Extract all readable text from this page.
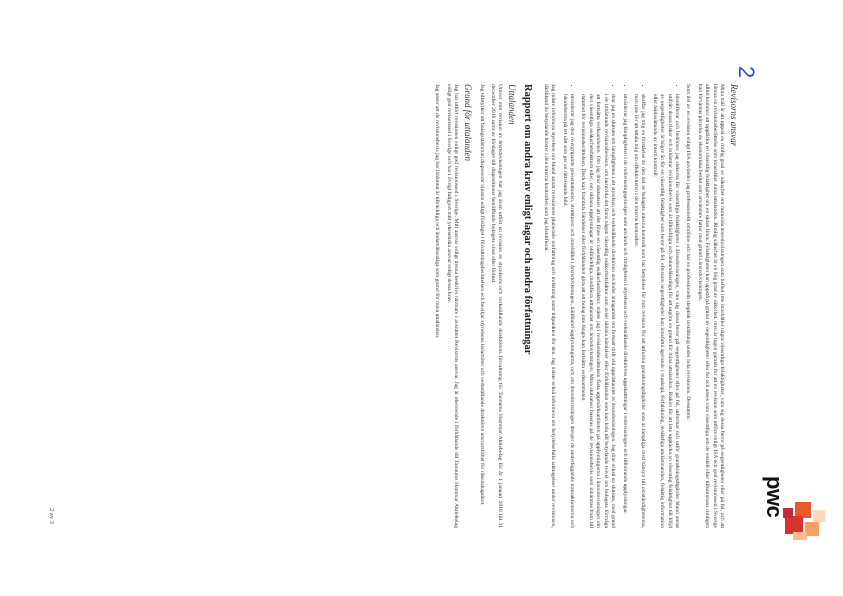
pwc
2
Revisorns ansvar

Mina mål är att uppnå en rimlig grad av säkerhet om huruvida årsredovisningen som helhet inte innehåller några väsentliga felaktigheter, vare sig dessa beror på oegentligheter eller på fel, och att lämna en revisionsberättelse som innehåller mina uttalanden. Rimlig säkerhet är en hög grad av säkerhet, men är ingen garanti för att en revision som utförs enligt ISA och god revisionssed i Sverige alltid kommer att upptäcka en väsentlig felaktighet om en sådan finns. Felaktigheter kan uppstå på grund av oegentligheter eller fel och anses vara väsentliga om de enskilt eller tillsammans rimligen kan förväntas påverka de ekonomiska beslut som användare fattar med grund i årsredovisningen.

Som del av en revision enligt ISA använder jag professionellt omdöme och har en professionellt skeptisk inställning under hela revisionen. Dessutom:

• identifierar och bedömer jag riskerna för väsentliga felaktigheter i årsredovisningen, vare sig dessa beror på oegentligheter eller på fel, utformar och utför granskningsåtgärder bland annat utifrån dessa risker och inhämtar revisionsbevis som är tillräckliga och ändamålsenliga för att utgöra en grund för mina uttalanden. Risken för att inte upptäcka en väsentlig felaktighet till följd av oegentligheter är högre än för en väsentlig felaktighet som beror på fel, eftersom oegentligheter kan innefatta agerande i maskopi, förfalskning, avsiktliga utelämnanden, felaktig information eller åsidosättande av intern kontroll.
• skaffar jag mig en förståelse av den del av bolagets interna kontroll som har betydelse för min revision för att utforma granskningsåtgärder som är lämpliga med hänsyn till omständigheterna, men inte för att uttala mig om effektiviteten i den interna kontrollen.
• utvärderar jag lämpligheten i de redovisningsprinciper som används och rimligheten i styrelsens och verkställande direktörens uppskattningar i redovisningen och tillhörande upplysningar.
• drar jag en slutsats om lämpligheten i att styrelsen och verkställande direktören använder antagandet om fortsatt drift vid upprättandet av årsredovisningen. Jag drar också en slutsats, med grund i de inhämtade revisionsbevisen, om huruvida det finns någon väsentlig osäkerhetsfaktor som avser sådana händelser eller förhållanden som kan leda till betydande tvivel om bolagets förmåga att fortsätta verksamheten. Om jag drar slutsatsen att det finns en väsentlig osäkerhetsfaktor, måste jag i revisionsberättelsen fästa uppmärksamheten på upplysningarna i årsredovisningen om den väsentliga osäkerhetsfaktorn eller, om sådana upplysningar är otillräckliga, modifiera uttalandet om årsredovisningen. Mina slutsatser baseras på de revisionsbevis som inhämtas fram till datumet för revisionsberättelsen. Dock kan framtida händelser eller förhållanden göra att ett bolag inte längre kan fortsätta verksamheten.
• utvärderar jag den övergripande presentationen, strukturen och innehållet i årsredovisningen, däribland upplysningarna, och om årsredovisningen återger de underliggande transaktionerna och händelserna på ett sätt som ger en rättvisande bild.

Jag måste informera styrelsen om bland annat revisionens planerade omfattning och inriktning samt tidpunkten för den. Jag måste också informera om betydelsefulla iakttagelser under revisionen, däribland de betydande brister i den interna kontrollen som jag identifierat.

Rapport om andra krav enligt lagar och andra författningar
Uttalanden

Utöver min revision av årsredovisningen har jag även utfört en revision av styrelsens och verkställande direktörens förvaltning för Tannums Hammar Aktiebolag för år 1 januari 2016 till 31 december 2016 samt av förslaget till dispositioner beträffande bolagets vinst eller förlust.

Jag tillstyrker att bolagsstämman disponerar vinsten enligt förslaget i förvaltningsberättelsen och beviljar styrelsens ledamöter och verkställande direktören ansvarsfrihet för räkenskapsåret.

Grund för uttalanden

Jag har utfört revisionen enligt god revisionssed i Sverige. Mitt ansvar enligt denna beskrivs närmare i avsnittet Revisorns ansvar. Jag är oberoende i förhållande till Tannums Hammar Aktiebolag enligt god revisorssed i Sverige och har i övrigt fullgjort mitt yrkesetiska ansvar enligt dessa krav.

Jag anser att de revisionsbevis jag har inhämtat är tillräckliga och ändamålsenliga som grund för mina uttalanden.

2 av 3
